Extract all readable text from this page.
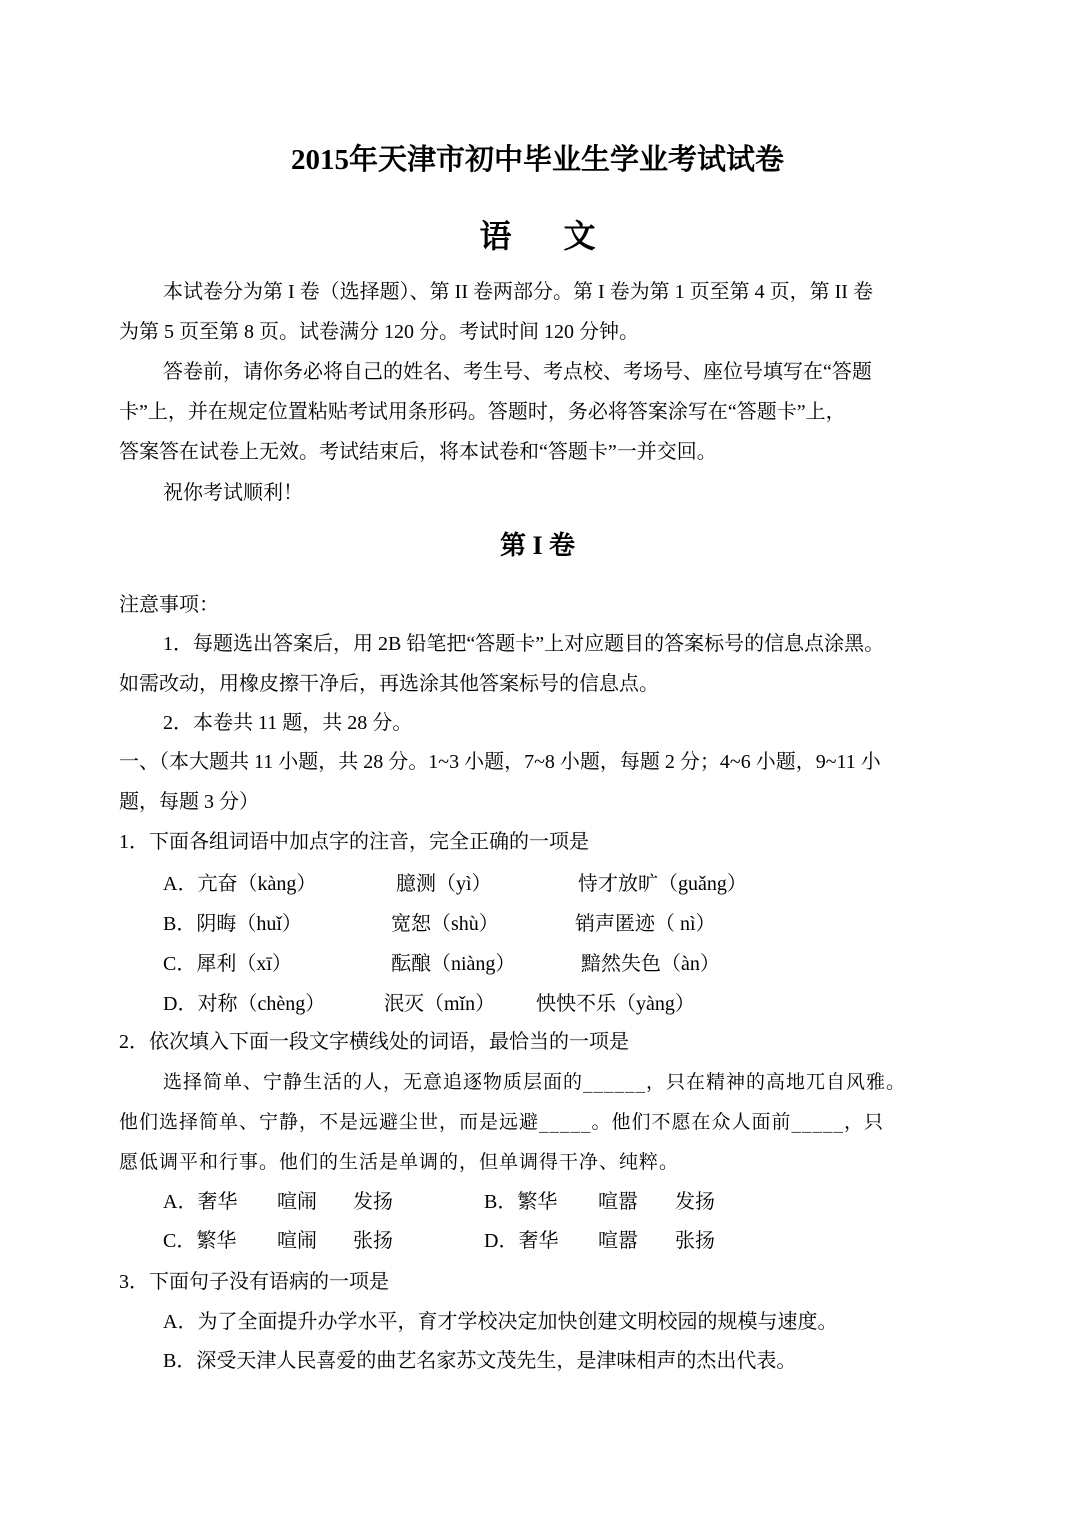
2015年天津市初中毕业生学业考试试卷
语文
本试卷分为第 I 卷（选择题）、第 II 卷两部分。第 I 卷为第 1 页至第 4 页，第 II 卷
为第 5 页至第 8 页。试卷满分 120 分。考试时间 120 分钟。
答卷前，请你务必将自己的姓名、考生号、考点校、考场号、座位号填写在“答题
卡”上，并在规定位置粘贴考试用条形码。答题时，务必将答案涂写在“答题卡”上，
答案答在试卷上无效。考试结束后，将本试卷和“答题卡”一并交回。
祝你考试顺利！
第 I 卷
注意事项：
1．每题选出答案后，用 2B 铅笔把“答题卡”上对应题目的答案标号的信息点涂黑。
如需改动，用橡皮擦干净后，再选涂其他答案标号的信息点。
2．本卷共 11 题，共 28 分。
一、（本大题共 11 小题，共 28 分。1~3 小题，7~8 小题，每题 2 分；4~6 小题，9~11 小
题，每题 3 分）
1．下面各组词语中加点字的注音，完全正确的一项是
A．亢奋（kàng）	臆测（yì）	恃才放旷（guǎng）
B．阴晦（huǐ）	宽恕（shù）	销声匿迹（ nì）
C．犀利（xī）	酝酿（niàng）	黯然失色（àn）
D．对称（chèng）	泯灭（mǐn） 怏怏不乐（yàng）
2．依次填入下面一段文字横线处的词语，最恰当的一项是
选择简单、宁静生活的人，无意追逐物质层面的______，只在精神的高地兀自风雅。
他们选择简单、宁静，不是远避尘世，而是远避_____。他们不愿在众人面前_____，只
愿低调平和行事。他们的生活是单调的，但单调得干净、纯粹。
A．奢华 喧闹 发扬	B．繁华 喧嚣 发扬
C．繁华 喧闹 张扬	D．奢华 喧嚣 张扬
3．下面句子没有语病的一项是
A．为了全面提升办学水平，育才学校决定加快创建文明校园的规模与速度。
B．深受天津人民喜爱的曲艺名家苏文茂先生，是津味相声的杰出代表。
